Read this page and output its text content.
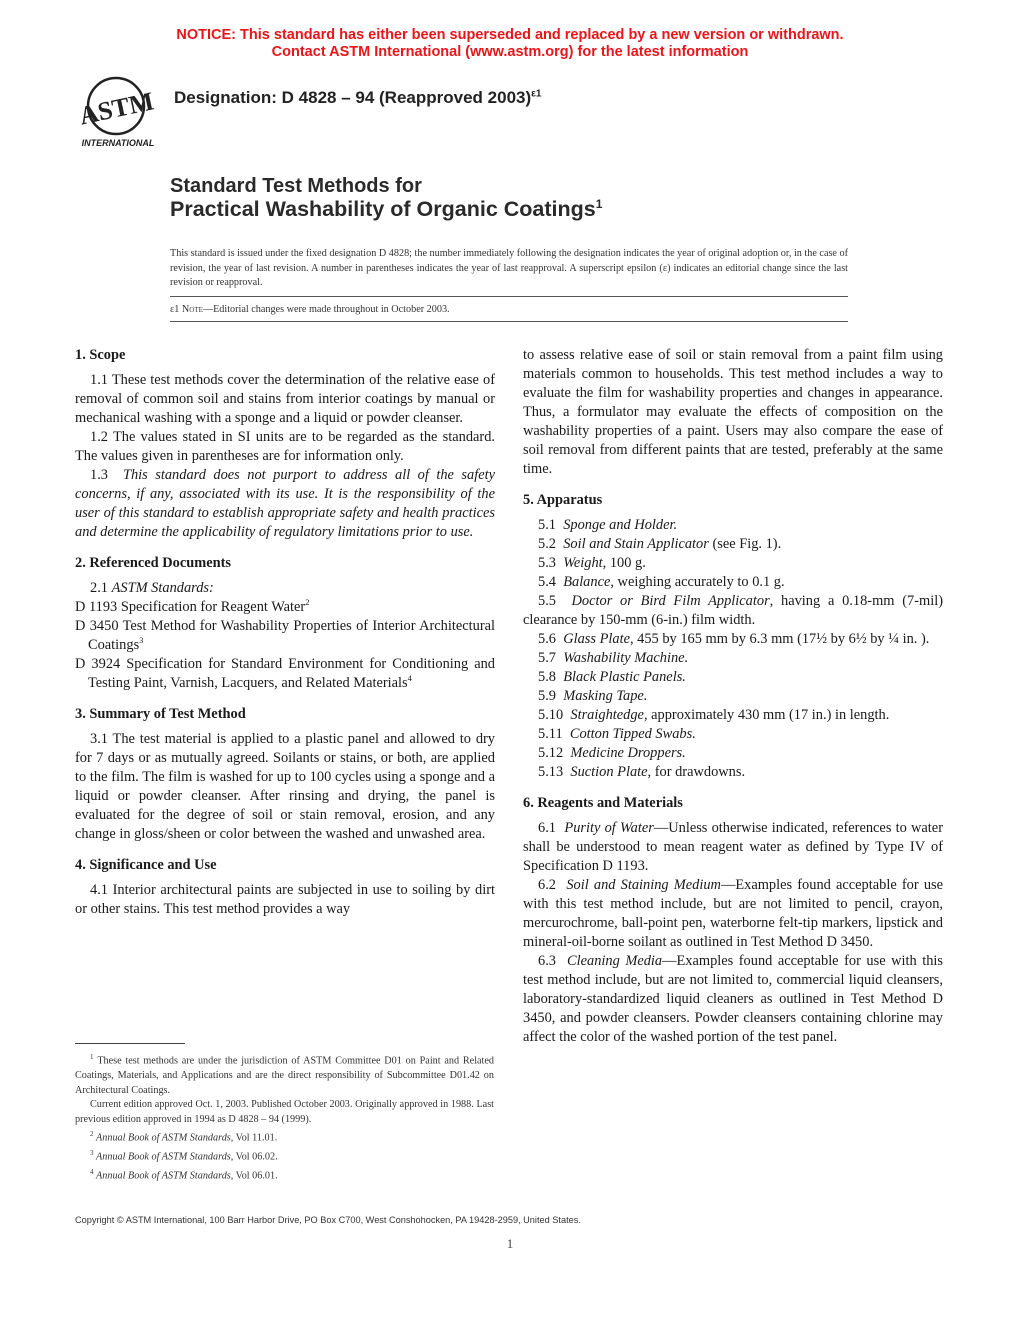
NOTICE: This standard has either been superseded and replaced by a new version or withdrawn.
Contact ASTM International (www.astm.org) for the latest information
ASTM
INTERNATIONAL
Designation: D 4828 – 94 (Reapproved 2003)$^{\varepsilon 1}$
Standard Test Methods for
Practical Washability of Organic Coatings$^1$
This standard is issued under the fixed designation D 4828; the number immediately following the designation indicates the year of original adoption or, in the case of revision, the year of last revision. A number in parentheses indicates the year of last reapproval. A superscript epsilon (ε) indicates an editorial change since the last revision or reapproval.
ε1 Note—Editorial changes were made throughout in October 2003.
1. Scope

1.1 These test methods cover the determination of the relative ease of removal of common soil and stains from interior coatings by manual or mechanical washing with a sponge and a liquid or powder cleanser.

1.2 The values stated in SI units are to be regarded as the standard. The values given in parentheses are for information only.

1.3 This standard does not purport to address all of the safety concerns, if any, associated with its use. It is the responsibility of the user of this standard to establish appropriate safety and health practices and determine the applicability of regulatory limitations prior to use.

2. Referenced Documents

2.1 ASTM Standards:

D 1193 Specification for Reagent Water$^2$

D 3450 Test Method for Washability Properties of Interior Architectural Coatings$^3$

D 3924 Specification for Standard Environment for Conditioning and Testing Paint, Varnish, Lacquers, and Related Materials$^4$

3. Summary of Test Method

3.1 The test material is applied to a plastic panel and allowed to dry for 7 days or as mutually agreed. Soilants or stains, or both, are applied to the film. The film is washed for up to 100 cycles using a sponge and a liquid or powder cleanser. After rinsing and drying, the panel is evaluated for the degree of soil or stain removal, erosion, and any change in gloss/sheen or color between the washed and unwashed area.

4. Significance and Use

4.1 Interior architectural paints are subjected in use to soiling by dirt or other stains. This test method provides a way

$^1$ These test methods are under the jurisdiction of ASTM Committee D01 on Paint and Related Coatings, Materials, and Applications and are the direct responsibility of Subcommittee D01.42 on Architectural Coatings.

Current edition approved Oct. 1, 2003. Published October 2003. Originally approved in 1988. Last previous edition approved in 1994 as D 4828 – 94 (1999).

$^2$ Annual Book of ASTM Standards, Vol 11.01.

$^3$ Annual Book of ASTM Standards, Vol 06.02.

$^4$ Annual Book of ASTM Standards, Vol 06.01.

to assess relative ease of soil or stain removal from a paint film using materials common to households. This test method includes a way to evaluate the film for washability properties and changes in appearance. Thus, a formulator may evaluate the effects of composition on the washability properties of a paint. Users may also compare the ease of soil removal from different paints that are tested, preferably at the same time.

5. Apparatus

5.1 Sponge and Holder.

5.2 Soil and Stain Applicator (see Fig. 1).

5.3 Weight, 100 g.

5.4 Balance, weighing accurately to 0.1 g.

5.5 Doctor or Bird Film Applicator, having a 0.18-mm (7-mil) clearance by 150-mm (6-in.) film width.

5.6 Glass Plate, 455 by 165 mm by 6.3 mm (17½ by 6½ by ¼ in. ).

5.7 Washability Machine.

5.8 Black Plastic Panels.

5.9 Masking Tape.

5.10 Straightedge, approximately 430 mm (17 in.) in length.

5.11 Cotton Tipped Swabs.

5.12 Medicine Droppers.

5.13 Suction Plate, for drawdowns.

6. Reagents and Materials

6.1 Purity of Water—Unless otherwise indicated, references to water shall be understood to mean reagent water as defined by Type IV of Specification D 1193.

6.2 Soil and Staining Medium—Examples found acceptable for use with this test method include, but are not limited to pencil, crayon, mercurochrome, ball-point pen, waterborne felt-tip markers, lipstick and mineral-oil-borne soilant as outlined in Test Method D 3450.

6.3 Cleaning Media—Examples found acceptable for use with this test method include, but are not limited to, commercial liquid cleansers, laboratory-standardized liquid cleaners as outlined in Test Method D 3450, and powder cleansers. Powder cleansers containing chlorine may affect the color of the washed portion of the test panel.

Copyright © ASTM International, 100 Barr Harbor Drive, PO Box C700, West Conshohocken, PA 19428-2959, United States.
1
